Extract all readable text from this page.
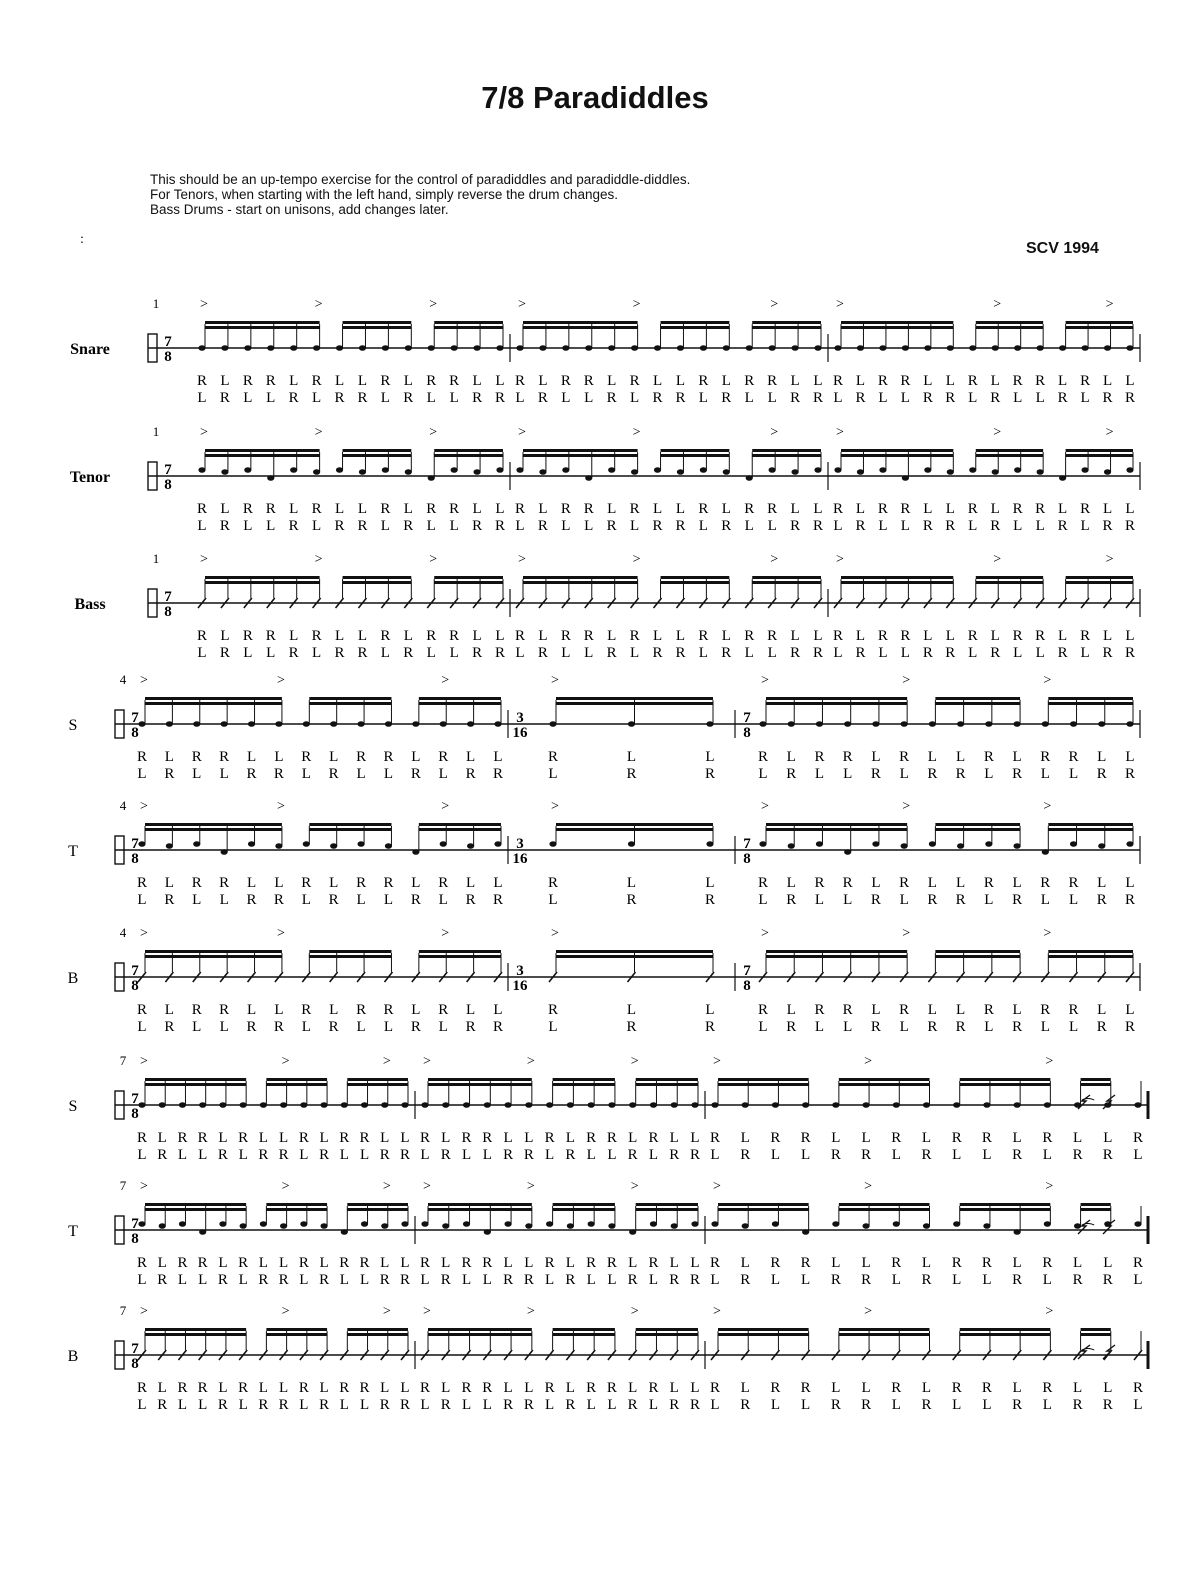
7/8 Paradiddles
This should be an up-tempo exercise for the control of paradiddles and paradiddle-diddles.
For Tenors, when starting with the left hand, simply reverse the drum changes.
Bass Drums - start on unisons, add changes later.
:
SCV 1994
Snare	7
8
1	>	>	>
R L R R L R L L R L R R L L
L R L L R L R R L R L L R R
>	>	>
R L R R L R L L R L R R L L
L R L L R L R R L R L L R R
>	>	>
R L R R L L R L R R L R L L
L R L L R R L R L L R L R R
Tenor	7
8
1	>	>	>
R L R R L R L L R L R R L L
L R L L R L R R L R L L R R
>	>	>
R L R R L R L L R L R R L L
L R L L R L R R L R L L R R
>	>	>
R L R R L L R L R R L R L L
L R L L R R L R L L R L R R
Bass	7
8
1	>	>	>
R L R R L R L L R L R R L L
L R L L R L R R L R L L R R
>	>	>
R L R R L R L L R L R R L L
L R L L R L R R L R L L R R
>	>	>
R L R R L L R L R R L R L L
L R L L R R L R L L R L R R
S	7
8
4 >	>	>
R L R R L L R L R R L R L L
L R L L R R L R L L R L R R
3
16
>
R	L	L
L	R	R
7
8
>	>	>
R L R R L R L L R L R R L L
L R L L R L R R L R L L R R
T	7
8
4 >	>	>
R L R R L L R L R R L R L L
L R L L R R L R L L R L R R
3
16
>
R	L	L
L	R	R
7
8
>	>	>
R L R R L R L L R L R R L L
L R L L R L R R L R L L R R
B	7
8
4 >	>	>
R L R R L L R L R R L R L L
L R L L R R L R L L R L R R
3
16
>
R	L	L
L	R	R
7
8
>	>	>
R L R R L R L L R L R R L L
L R L L R L R R L R L L R R
S	7
8
7 >	>	>
R L R R L R L L R L R R L L
L R L L R L R R L R L L R R
>	>	>
R L R R L L R L R R L R L L
L R L L R R L R L L R L R R
>	>	>
⁀
R L R R L L R L R R L R L L R
L R L L R R L R L L R L R R L
T	7
8
7 >	>	>
R L R R L R L L R L R R L L
L R L L R L R R L R L L R R
>	>	>
R L R R L L R L R R L R L L
L R L L R R L R L L R L R R
>	>	>
⁀
R L R R L L R L R R L R L L R
L R L L R R L R L L R L R R L
B	7
8
7 >	>	>
R L R R L R L L R L R R L L
L R L L R L R R L R L L R R
>	>	>
R L R R L L R L R R L R L L
L R L L R R L R L L R L R R
>	>	>
⁀
R L R R L L R L R R L R L L R
L R L L R R L R L L R L R R L
